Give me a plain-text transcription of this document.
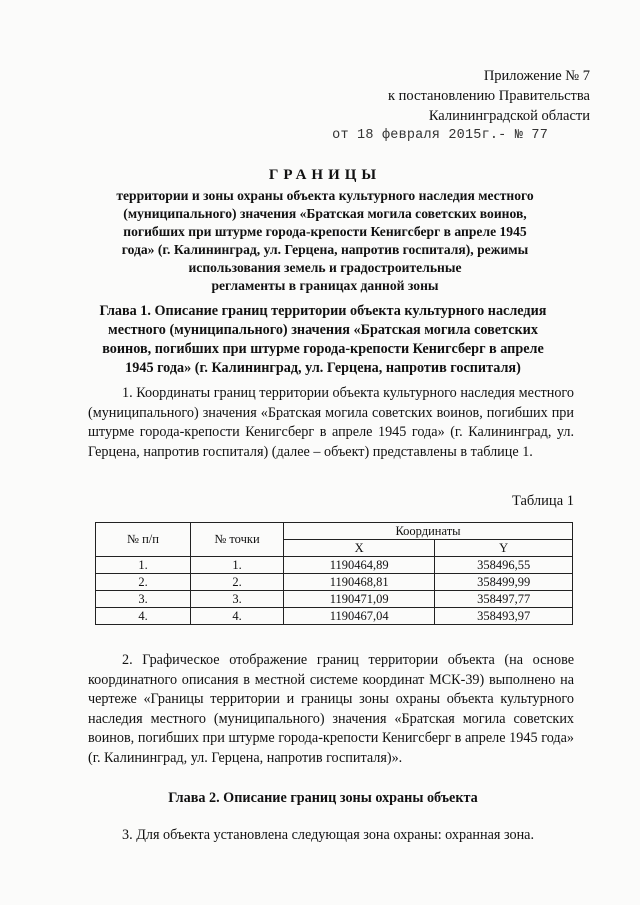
Приложение № 7
к постановлению Правительства
Калининградской области
от 18 февраля 2015г.- № 77
ГРАНИЦЫ
территории и зоны охраны объекта культурного наследия местного
(муниципального) значения «Братская могила советских воинов,
погибших при штурме города-крепости Кенигсберг в апреле 1945
года» (г. Калининград, ул. Герцена, напротив госпиталя), режимы
использования земель и градостроительные
регламенты в границах данной зоны
Глава 1. Описание границ территории объекта культурного наследия
местного (муниципального) значения «Братская могила советских
воинов, погибших при штурме города-крепости Кенигсберг в апреле
1945 года» (г. Калининград, ул. Герцена, напротив госпиталя)

1. Координаты границ территории объекта культурного наследия местного (муниципального) значения «Братская могила советских воинов, погибших при штурме города-крепости Кенигсберг в апреле 1945 года» (г. Калининград, ул. Герцена, напротив госпиталя) (далее – объект) представлены в таблице 1.

Таблица 1
№ п/п	№ точки	Координаты	
		X	Y
1.	1.	1190464,89	358496,55
2.	2.	1190468,81	358499,99
3.	3.	1190471,09	358497,77
4.	4.	1190467,04	358493,97

2. Графическое отображение границ территории объекта (на основе координатного описания в местной системе координат МСК-39) выполнено на чертеже «Границы территории и границы зоны охраны объекта культурного наследия местного (муниципального) значения «Братская могила советских воинов, погибших при штурме города-крепости Кенигсберг в апреле 1945 года» (г. Калининград, ул. Герцена, напротив госпиталя)».

Глава 2. Описание границ зоны охраны объекта
3. Для объекта установлена следующая зона охраны: охранная зона.
